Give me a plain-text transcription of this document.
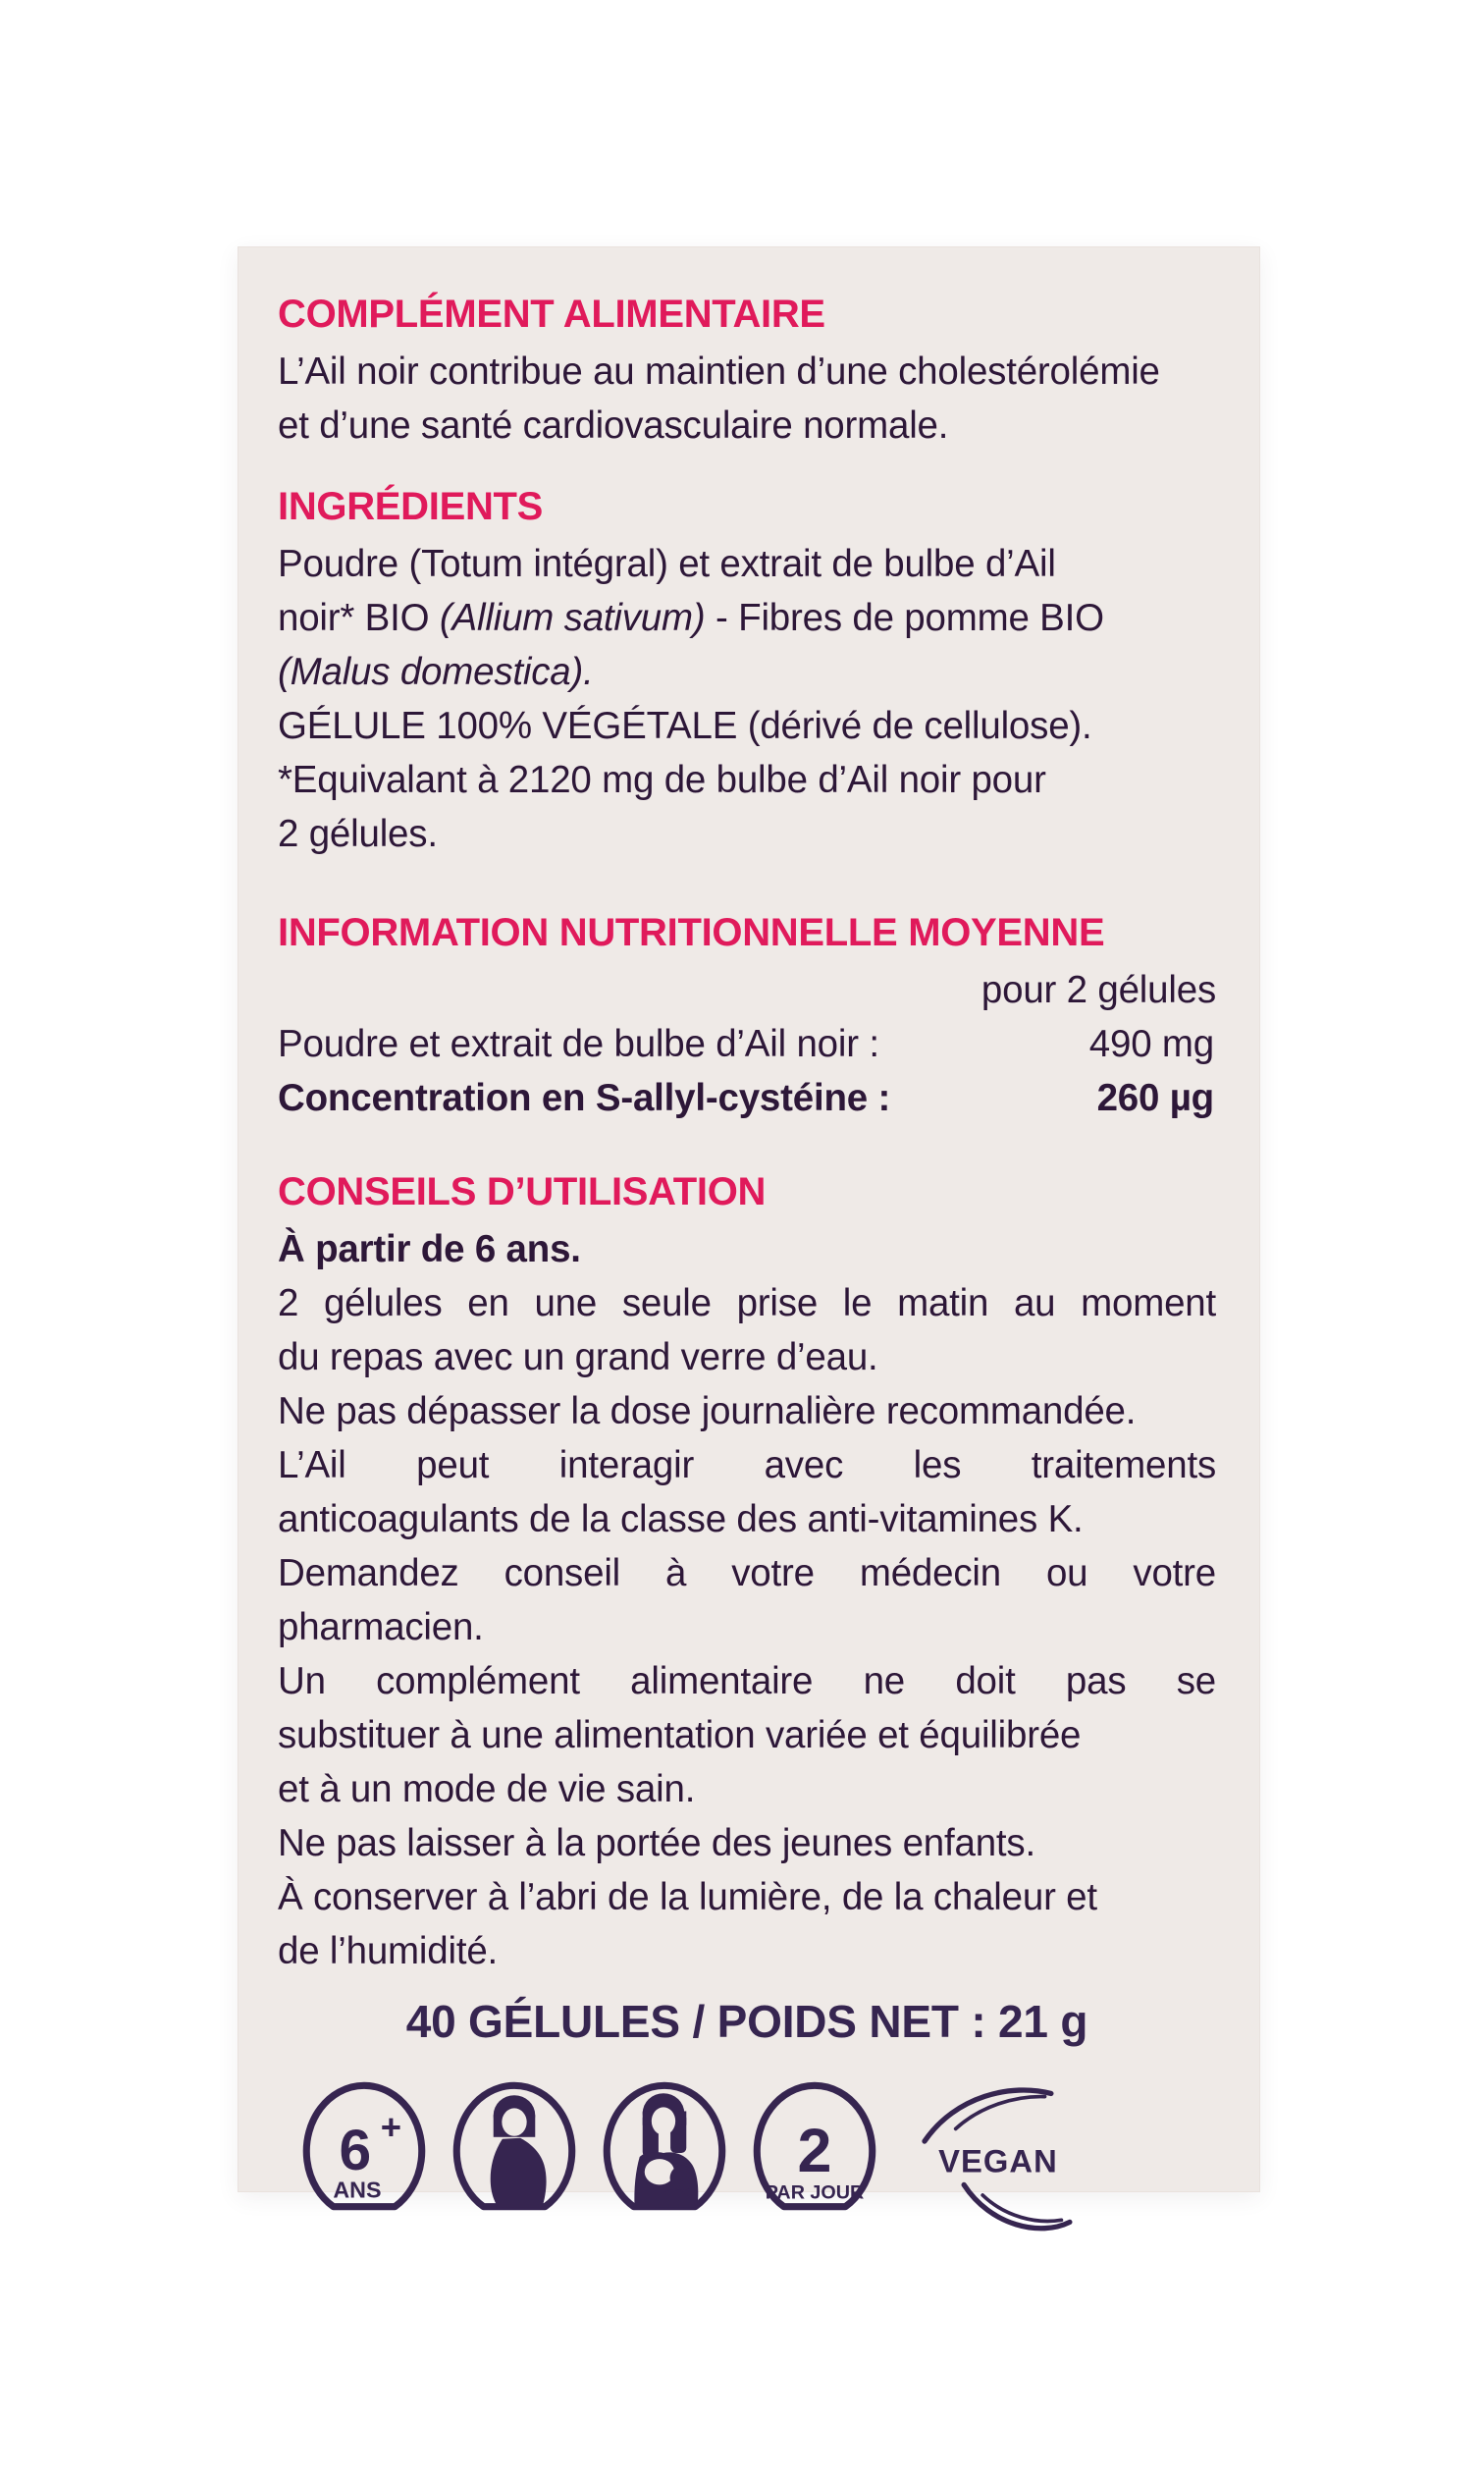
COMPLÉMENT ALIMENTAIRE

L’Ail noir contribue au maintien d’une cholestérolémie

et d’une santé cardiovasculaire normale.

INGRÉDIENTS

Poudre (Totum intégral) et extrait de bulbe d’Ail

noir* BIO (Allium sativum) - Fibres de pomme BIO

(Malus domestica).

GÉLULE 100% VÉGÉTALE (dérivé de cellulose).

*Equivalant à 2120 mg de bulbe d’Ail noir pour

2 gélules.

INFORMATION NUTRITIONNELLE MOYENNE

pour 2 gélules

Poudre et extrait de bulbe d’Ail noir :	490 mg
Concentration en S-allyl-cystéine :	260 µg
CONSEILS D’UTILISATION

À partir de 6 ans.

2 gélules en une seule prise le matin au moment

du repas avec un grand verre d’eau.

Ne pas dépasser la dose journalière recommandée.

L’Ail peut interagir avec les traitements

anticoagulants de la classe des anti-vitamines K.

Demandez conseil à votre médecin ou votre

pharmacien.

Un complément alimentaire ne doit pas se

substituer à une alimentation variée et équilibrée

et à un mode de vie sain.

Ne pas laisser à la portée des jeunes enfants.

À conserver à l’abri de la lumière, de la chaleur et

de l’humidité.

40 GÉLULES / POIDS NET : 21 g
6 +
ANS
2
PAR JOUR
VEGAN
